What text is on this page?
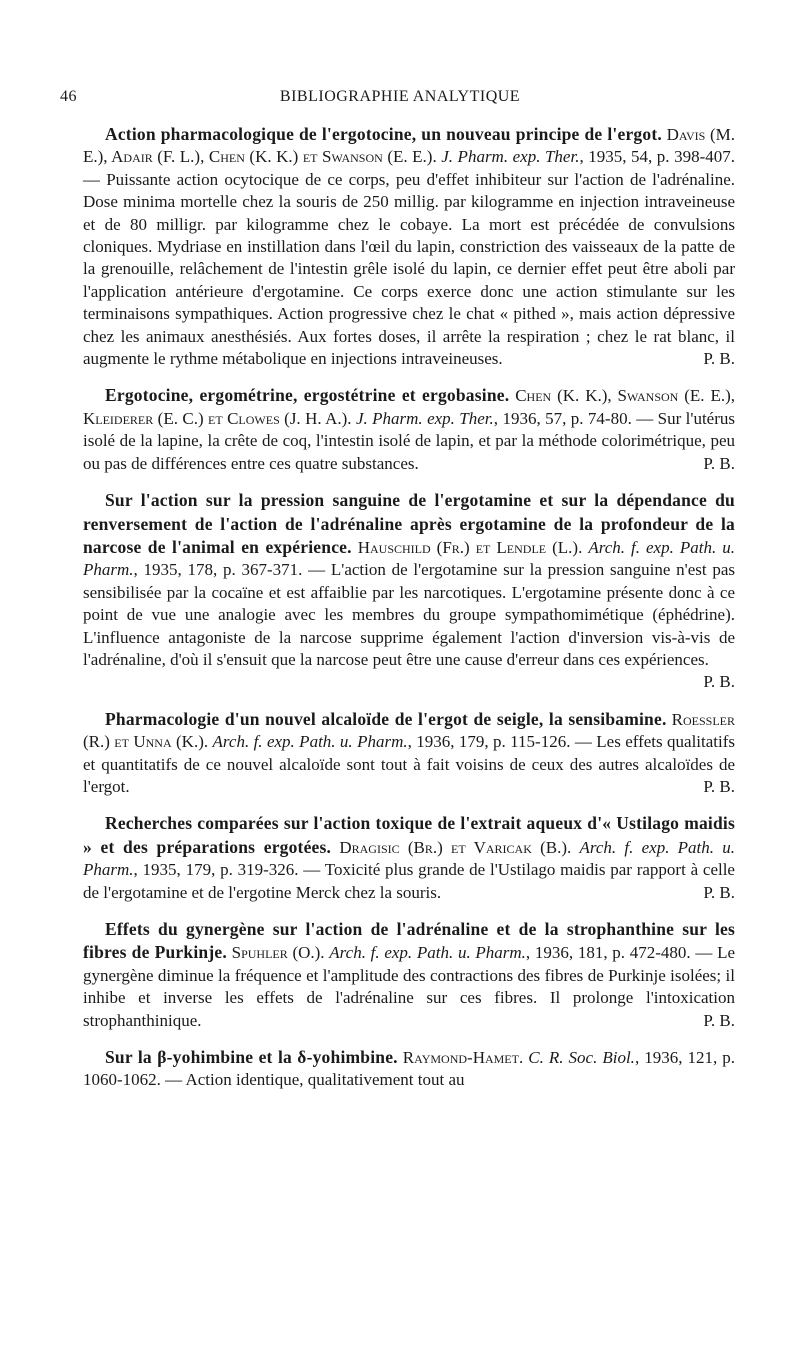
46	BIBLIOGRAPHIE ANALYTIQUE

Action pharmacologique de l'ergotocine, un nouveau principe de l'ergot. Davis (M. E.), Adair (F. L.), Chen (K. K.) et Swanson (E. E.). J. Pharm. exp. Ther., 1935, 54, p. 398-407. — Puissante action ocytocique de ce corps, peu d'effet inhibiteur sur l'action de l'adrénaline. Dose minima mortelle chez la souris de 250 millig. par kilogramme en injection intraveineuse et de 80 milligr. par kilogramme chez le cobaye. La mort est précédée de convulsions cloniques. Mydriase en instillation dans l'œil du lapin, constriction des vaisseaux de la patte de la grenouille, relâchement de l'intestin grêle isolé du lapin, ce dernier effet peut être aboli par l'application antérieure d'ergotamine. Ce corps exerce donc une action stimulante sur les terminaisons sympathiques. Action progressive chez le chat « pithed », mais action dépressive chez les animaux anesthésiés. Aux fortes doses, il arrête la respiration ; chez le rat blanc, il augmente le rythme métabolique en injections intraveineuses.	P. B.

Ergotocine, ergométrine, ergostétrine et ergobasine. Chen (K. K.), Swanson (E. E.), Kleiderer (E. C.) et Clowes (J. H. A.). J. Pharm. exp. Ther., 1936, 57, p. 74-80. — Sur l'utérus isolé de la lapine, la crête de coq, l'intestin isolé de lapin, et par la méthode colorimétrique, peu ou pas de différences entre ces quatre substances.	P. B.

Sur l'action sur la pression sanguine de l'ergotamine et sur la dépendance du renversement de l'action de l'adrénaline après ergotamine de la profondeur de la narcose de l'animal en expérience. Hauschild (Fr.) et Lendle (L.). Arch. f. exp. Path. u. Pharm., 1935, 178, p. 367-371. — L'action de l'ergotamine sur la pression sanguine n'est pas sensibilisée par la cocaïne et est affaiblie par les narcotiques. L'ergotamine présente donc à ce point de vue une analogie avec les membres du groupe sympathomimétique (éphédrine). L'influence antagoniste de la narcose supprime également l'action d'inversion vis-à-vis de l'adrénaline, d'où il s'ensuit que la narcose peut être une cause d'erreur dans ces expériences.
P. B.

Pharmacologie d'un nouvel alcaloïde de l'ergot de seigle, la sensibamine. Roessler (R.) et Unna (K.). Arch. f. exp. Path. u. Pharm., 1936, 179, p. 115-126. — Les effets qualitatifs et quantitatifs de ce nouvel alcaloïde sont tout à fait voisins de ceux des autres alcaloïdes de l'ergot.	P. B.

Recherches comparées sur l'action toxique de l'extrait aqueux d'« Ustilago maidis » et des préparations ergotées. Dragisic (Br.) et Varicak (B.). Arch. f. exp. Path. u. Pharm., 1935, 179, p. 319-326. — Toxicité plus grande de l'Ustilago maidis par rapport à celle de l'ergotamine et de l'ergotine Merck chez la souris.	P. B.

Effets du gynergène sur l'action de l'adrénaline et de la strophanthine sur les fibres de Purkinje. Spuhler (O.). Arch. f. exp. Path. u. Pharm., 1936, 181, p. 472-480. — Le gynergène diminue la fréquence et l'amplitude des contractions des fibres de Purkinje isolées; il inhibe et inverse les effets de l'adrénaline sur ces fibres. Il prolonge l'intoxication strophanthinique.	P. B.

Sur la β-yohimbine et la δ-yohimbine. Raymond-Hamet. C. R. Soc. Biol., 1936, 121, p. 1060-1062. — Action identique, qualitativement tout au
